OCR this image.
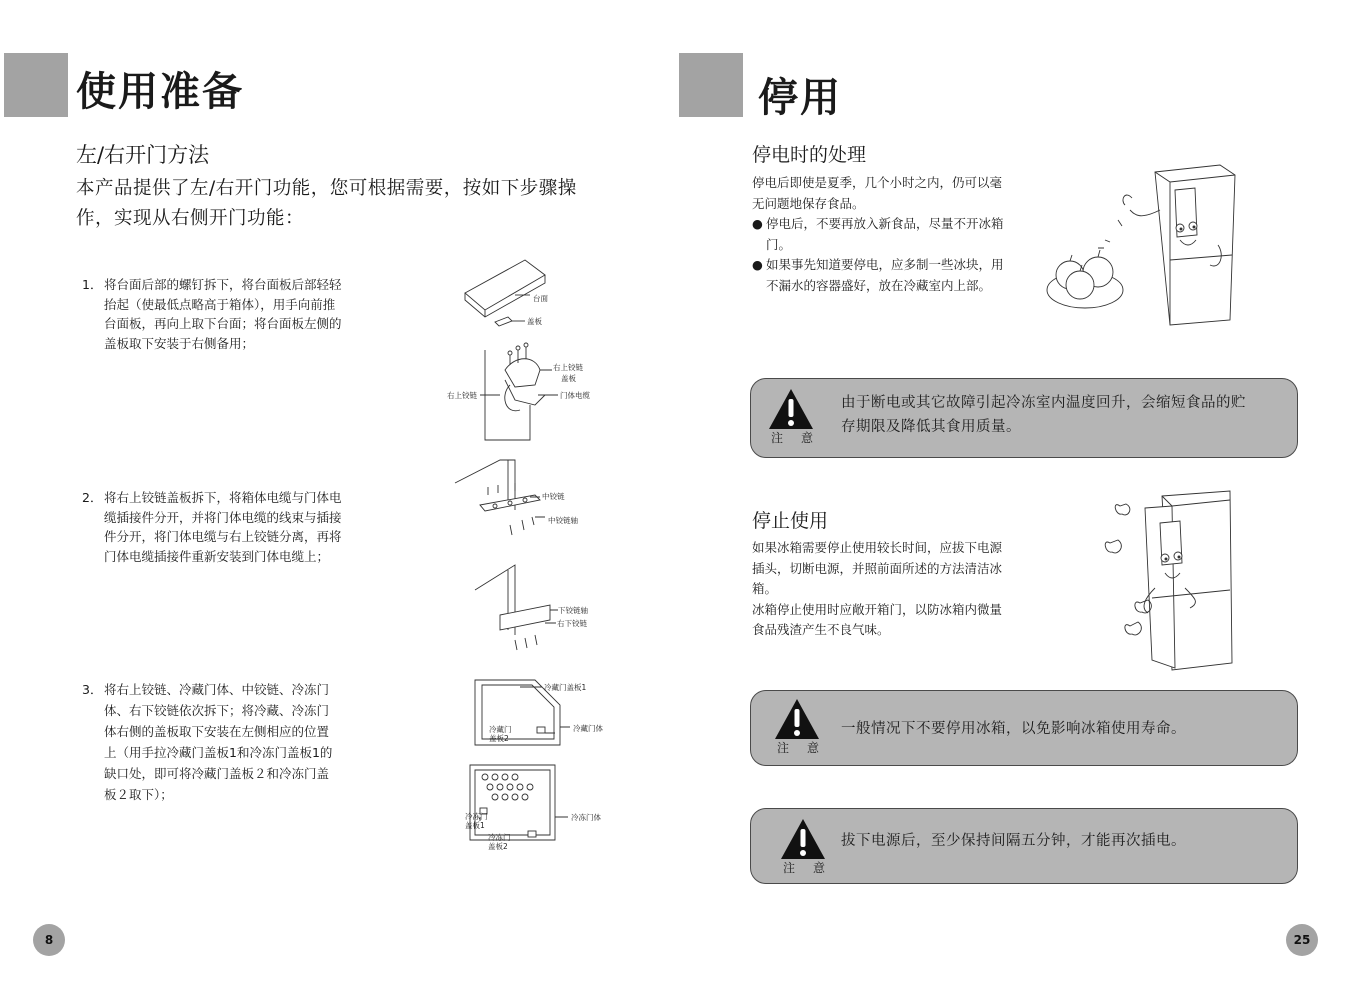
使用准备
左/右开门方法
本产品提供了左/右开门功能，您可根据需要，按如下步骤操
作，实现从右侧开门功能：
1． 将台面后部的螺钉拆下，将台面板后部轻轻
抬起（使最低点略高于箱体），用手向前推
台面板，再向上取下台面；将台面板左侧的
盖板取下安装于右侧备用；
2． 将右上铰链盖板拆下，将箱体电缆与门体电
缆插接件分开，并将门体电缆的线束与插接
件分开，将门体电缆与右上铰链分离，再将
门体电缆插接件重新安装到门体电缆上；
3． 将右上铰链、冷藏门体、中铰链、冷冻门
体、右下铰链依次拆下；将冷藏、冷冻门
体右侧的盖板取下安装在左侧相应的位置
上（用手拉冷藏门盖板1和冷冻门盖板1的
缺口处，即可将冷藏门盖板２和冷冻门盖
板２取下）；
台面
盖板
右上铰链
盖板
右上铰链	门体电缆
中铰链
中铰链轴
下铰链轴
右下铰链
冷藏门盖板1
冷藏门
盖板2
冷藏门体
冷冻门
盖板1
冷冻门体
冷冻门
盖板2
8
停用
停电时的处理
停电后即使是夏季，几个小时之内，仍可以毫
无问题地保存食品。
● 停电后，不要再放入新食品，尽量不开冰箱
门。
● 如果事先知道要停电，应多制一些冰块，用
不漏水的容器盛好，放在冷藏室内上部。
注意
由于断电或其它故障引起冷冻室内温度回升，会缩短食品的贮
存期限及降低其食用质量。
停止使用
如果冰箱需要停止使用较长时间，应拔下电源
插头，切断电源，并照前面所述的方法清洁冰
箱。
冰箱停止使用时应敞开箱门，以防冰箱内微量
食品残渣产生不良气味。
注意
一般情况下不要停用冰箱，以免影响冰箱使用寿命。
注意
拔下电源后，至少保持间隔五分钟，才能再次插电。
25
